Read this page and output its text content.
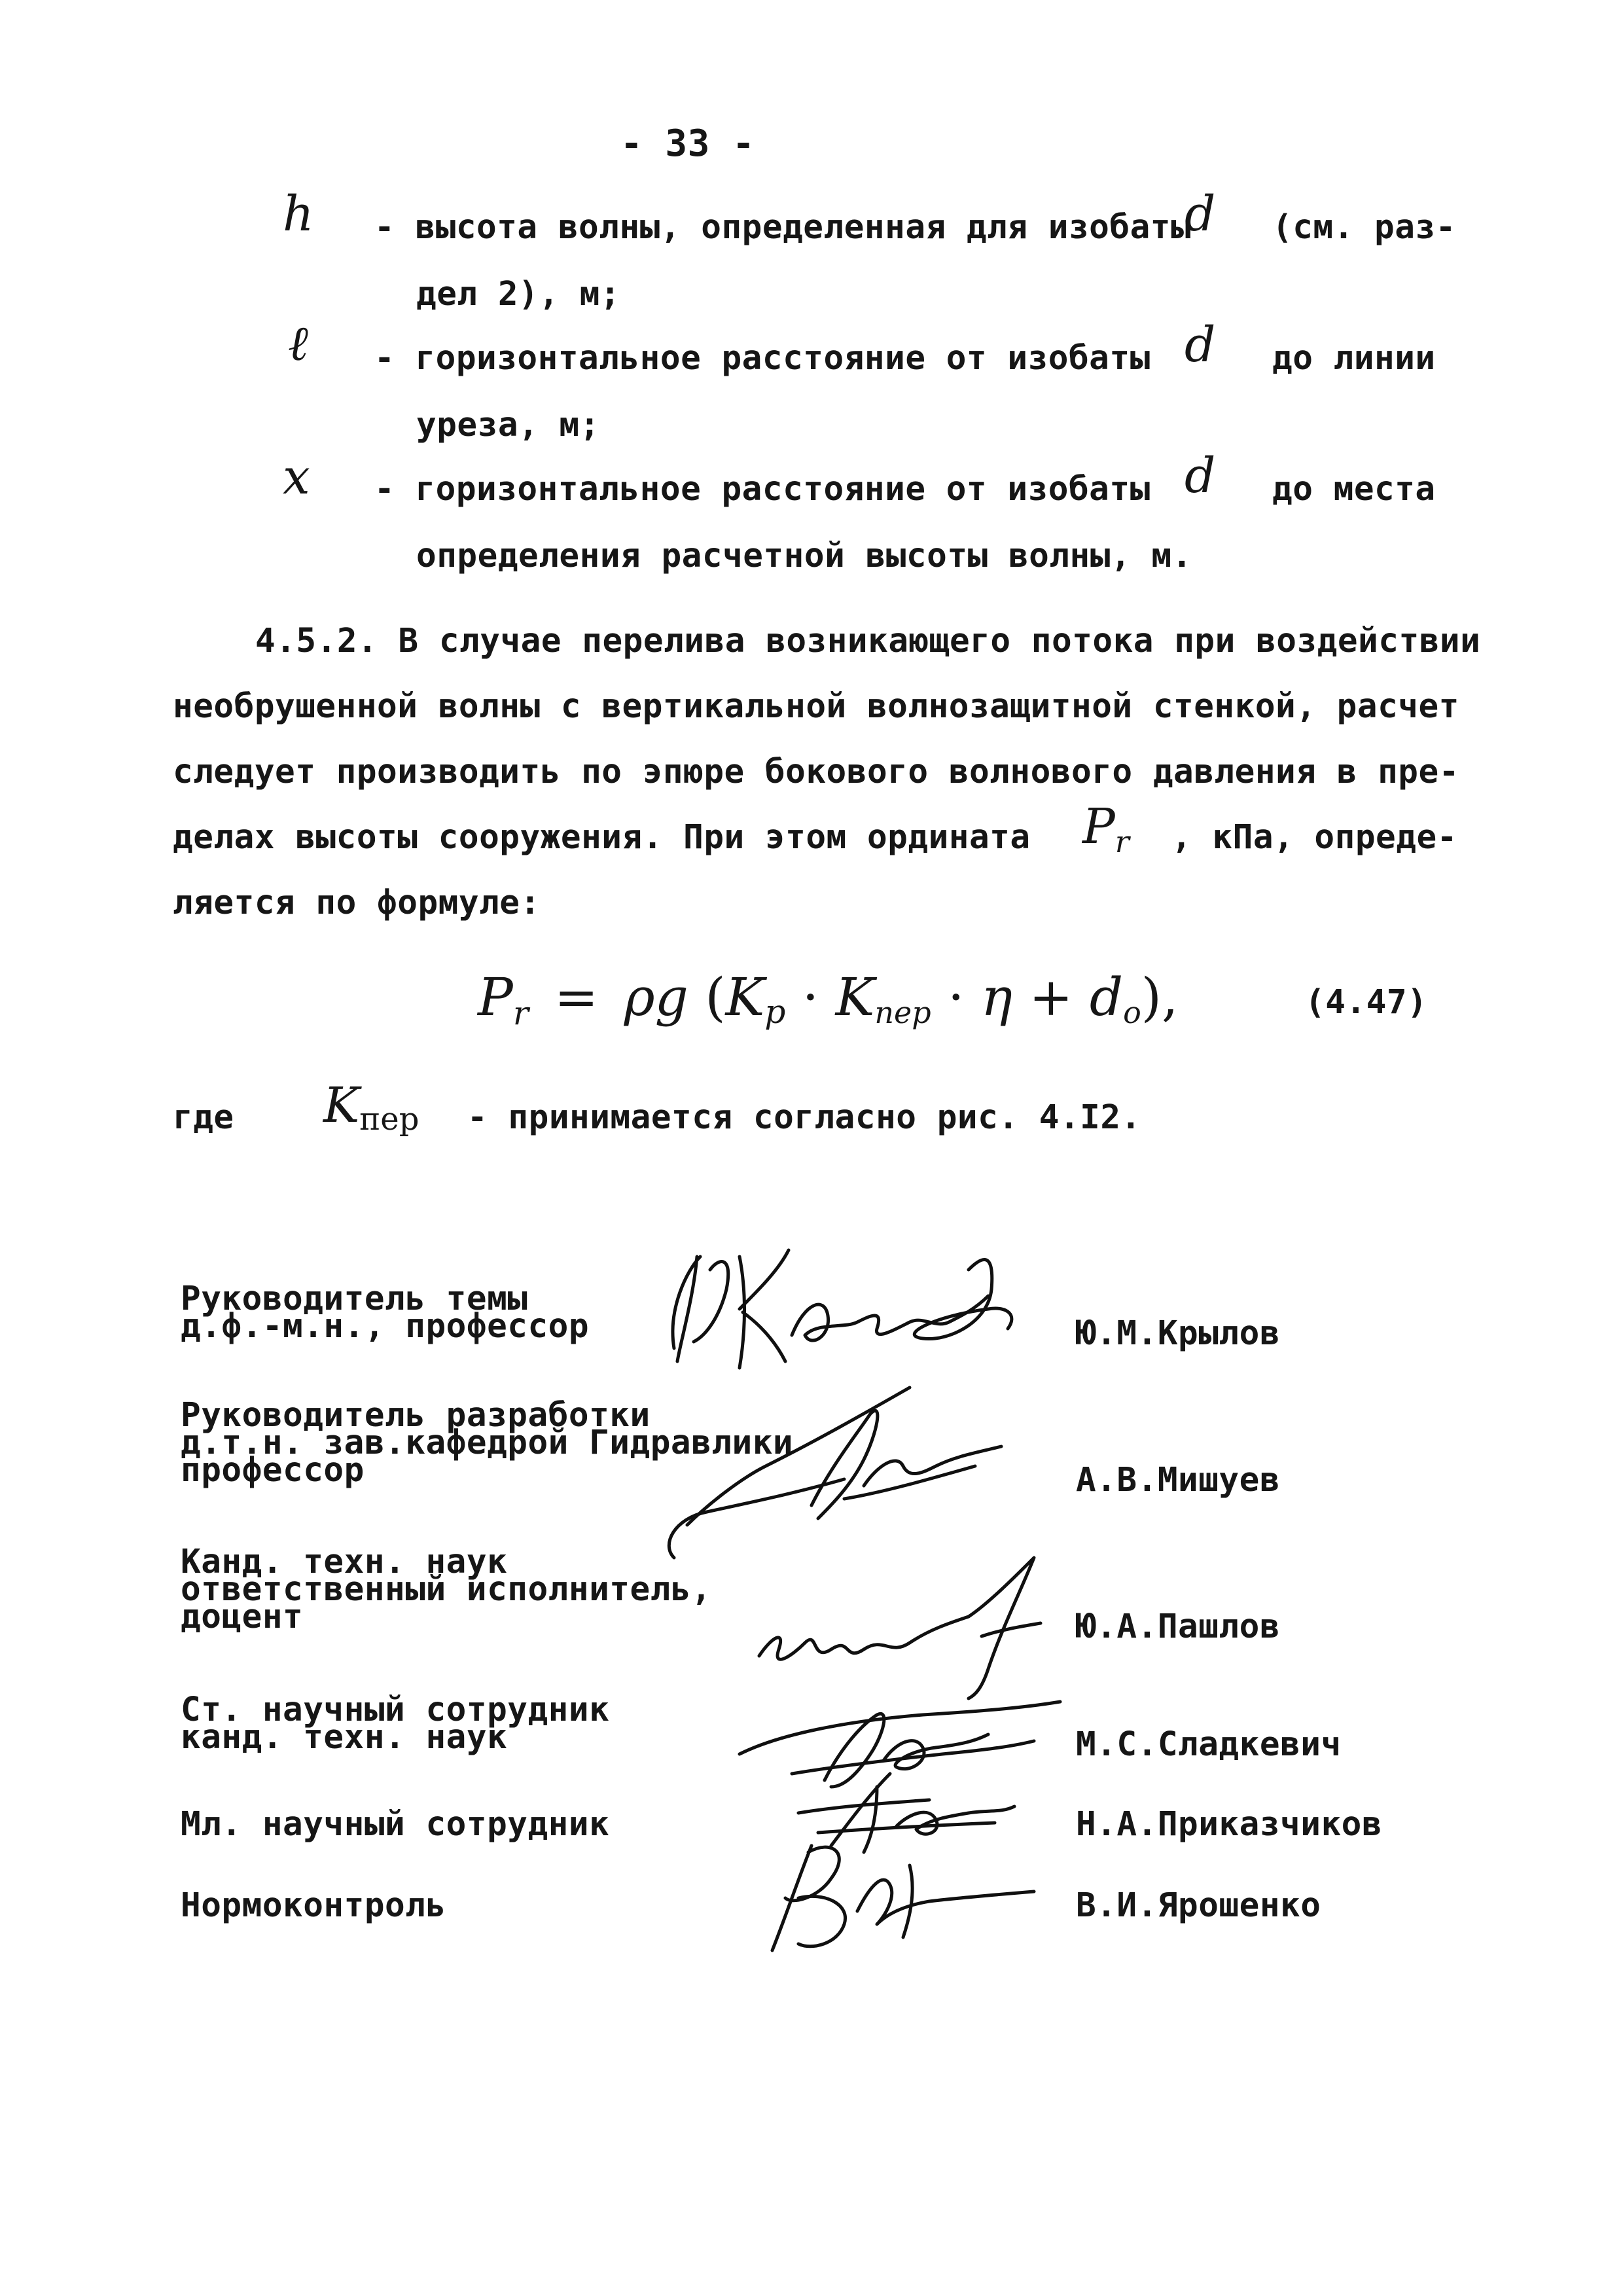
- 33 -
h - высота волны, определенная для изобаты
d (см. раз-
дел 2), м;
ℓ - горизонтальное расстояние от изобаты d до линии
уреза, м;
x - горизонтальное расстояние от изобаты d до места
определения расчетной высоты волны, м.
4.5.2. В случае перелива возникающего потока при воздействии
необрушенной волны с вертикальной волнозащитной стенкой, расчет
следует производить по эпюре бокового волнового давления в пре-
делах высоты сооружения. При этом ордината Pr , кПа, опреде-
ляется по формуле:
Pr = ρg (Kp · Kпер · η + do),	(4.47)
где Kпер - принимается согласно рис. 4.I2.
Руководитель темы
д.ф.-м.н., профессор	Ю.М.Крылов
Руководитель разработки
д.т.н. зав.кафедрой Гидравлики
профессор	А.В.Мишуев
Канд. техн. наук
ответственный исполнитель,
доцент	Ю.А.Пашлов
Ст. научный сотрудник
канд. техн. наук	М.С.Сладкевич
Мл. научный сотрудник	Н.А.Приказчиков
Нормоконтроль	В.И.Ярошенко
